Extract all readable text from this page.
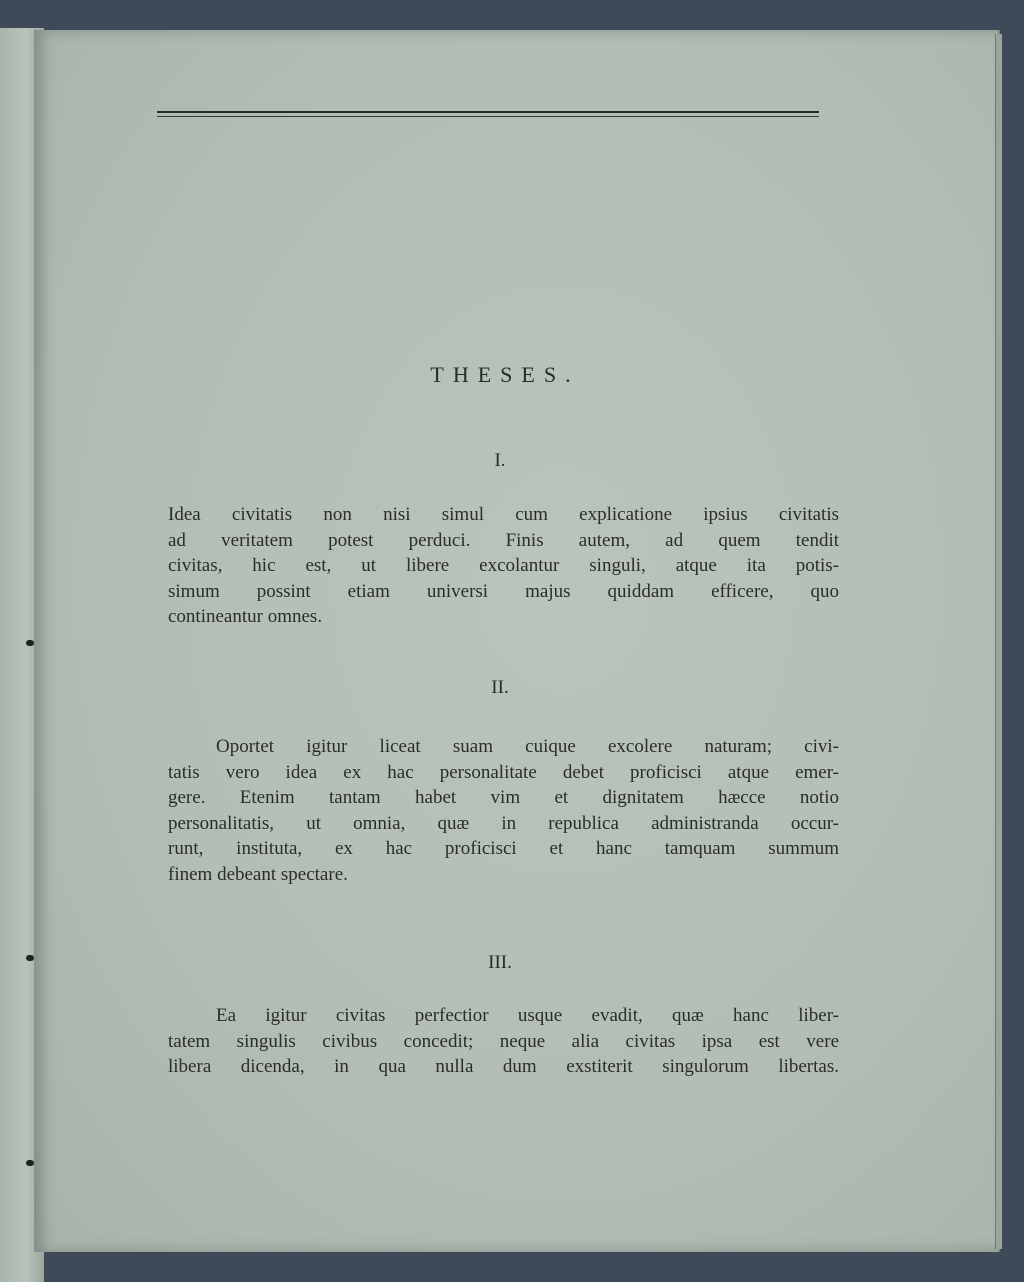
THESES.
I.
Idea civitatis non nisi simul cum explicatione ipsius civitatis
ad veritatem potest perduci. Finis autem, ad quem tendit
civitas, hic est, ut libere excolantur singuli, atque ita potis-
simum possint etiam universi majus quiddam efficere, quo
contineantur omnes.
II.
Oportet igitur liceat suam cuique excolere naturam; civi-
tatis vero idea ex hac personalitate debet proficisci atque emer-
gere. Etenim tantam habet vim et dignitatem hæcce notio
personalitatis, ut omnia, quæ in republica administranda occur-
runt, instituta, ex hac proficisci et hanc tamquam summum
finem debeant spectare.
III.
Ea igitur civitas perfectior usque evadit, quæ hanc liber-
tatem singulis civibus concedit; neque alia civitas ipsa est vere
libera dicenda, in qua nulla dum exstiterit singulorum libertas.
